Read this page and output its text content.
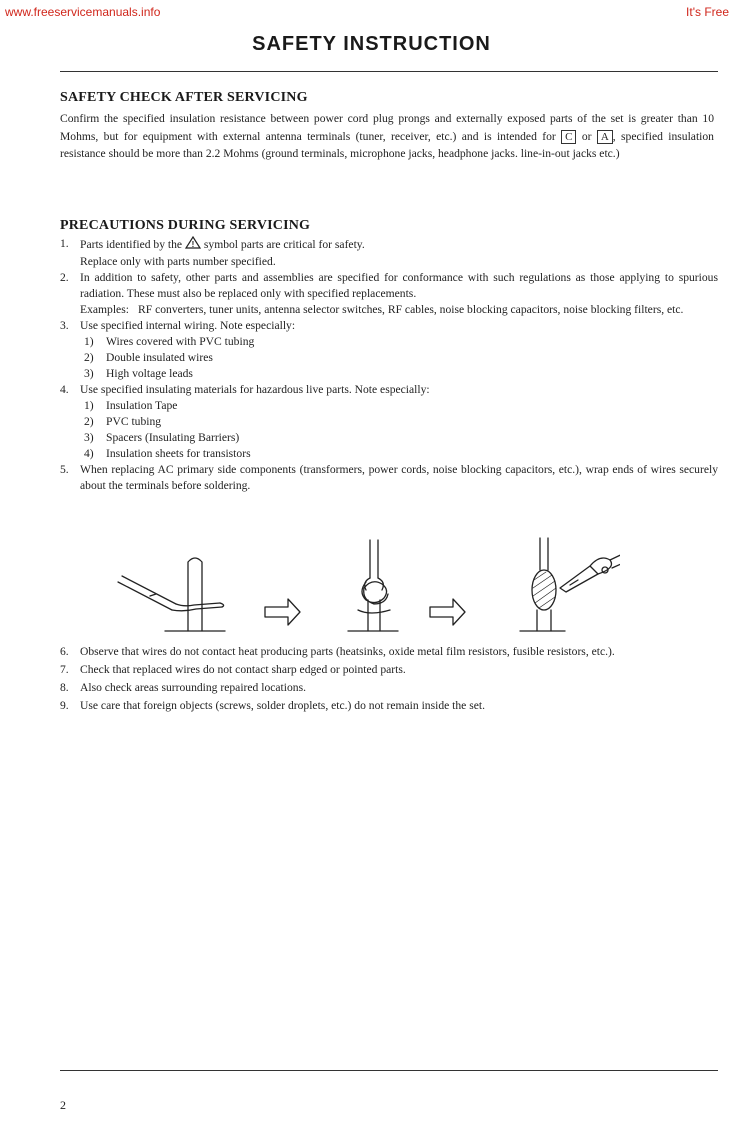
www.freeservicemanuals.info	It's Free
SAFETY INSTRUCTION
SAFETY CHECK AFTER SERVICING
Confirm the specified insulation resistance between power cord plug prongs and externally exposed parts of the set is greater than 10 Mohms, but for equipment with external antenna terminals (tuner, receiver, etc.) and is intended for C or A , specified insulation resistance should be more than 2.2 Mohms (ground terminals, microphone jacks, headphone jacks. line-in-out jacks etc.)
PRECAUTIONS DURING SERVICING
1. Parts identified by the ! symbol parts are critical for safety.
Replace only with parts number specified.
2. In addition to safety, other parts and assemblies are specified for conformance with such regulations as those applying to spurious radiation. These must also be replaced only with specified replacements.
Examples: RF converters, tuner units, antenna selector switches, RF cables, noise blocking capacitors, noise blocking filters, etc.
3. Use specified internal wiring. Note especially:
1) Wires covered with PVC tubing
2) Double insulated wires
3) High voltage leads
4. Use specified insulating materials for hazardous live parts. Note especially:
1) Insulation Tape
2) PVC tubing
3) Spacers (Insulating Barriers)
4) Insulation sheets for transistors
5. When replacing AC primary side components (transformers, power cords, noise blocking capacitors, etc.), wrap ends of wires securely about the terminals before soldering.
6. Observe that wires do not contact heat producing parts (heatsinks, oxide metal film resistors, fusible resistors, etc.).
7. Check that replaced wires do not contact sharp edged or pointed parts.
8. Also check areas surrounding repaired locations.
9. Use care that foreign objects (screws, solder droplets, etc.) do not remain inside the set.
2
